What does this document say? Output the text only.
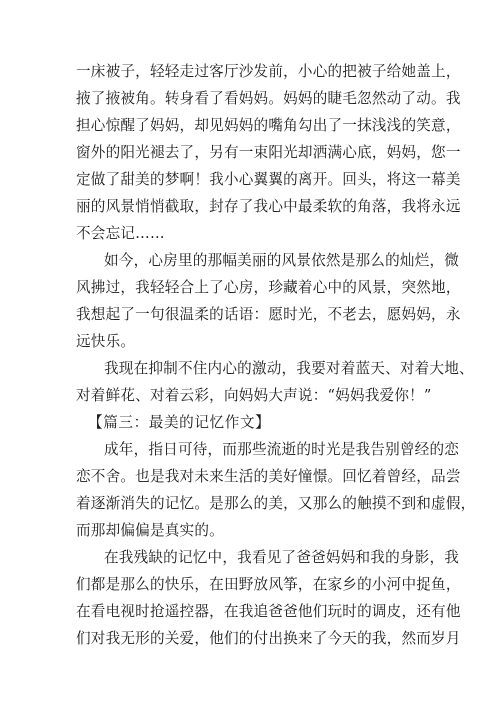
一床被子，轻轻走过客厅沙发前，小心的把被子给她盖上，
掖了掖被角。转身看了看妈妈。妈妈的睫毛忽然动了动。我
担心惊醒了妈妈，却见妈妈的嘴角勾出了一抹浅浅的笑意，
窗外的阳光褪去了，另有一束阳光却洒满心底，妈妈，您一
定做了甜美的梦啊！我小心翼翼的离开。回头，将这一幕美
丽的风景悄悄截取，封存了我心中最柔软的角落，我将永远
不会忘记……
如今，心房里的那幅美丽的风景依然是那么的灿烂，微
风拂过，我轻轻合上了心房，珍藏着心中的风景，突然地，
我想起了一句很温柔的话语：愿时光，不老去，愿妈妈，永
远快乐。
我现在抑制不住内心的激动，我要对着蓝天、对着大地、
对着鲜花、对着云彩，向妈妈大声说：“妈妈我爱你！”
【篇三：最美的记忆作文】
成年，指日可待，而那些流逝的时光是我告别曾经的恋
恋不舍。也是我对未来生活的美好憧憬。回忆着曾经，品尝
着逐渐消失的记忆。是那么的美，又那么的触摸不到和虚假，
而那却偏偏是真实的。
在我残缺的记忆中，我看见了爸爸妈妈和我的身影，我
们都是那么的快乐，在田野放风筝，在家乡的小河中捉鱼，
在看电视时抢遥控器，在我追爸爸他们玩时的调皮，还有他
们对我无形的关爱，他们的付出换来了今天的我，然而岁月
